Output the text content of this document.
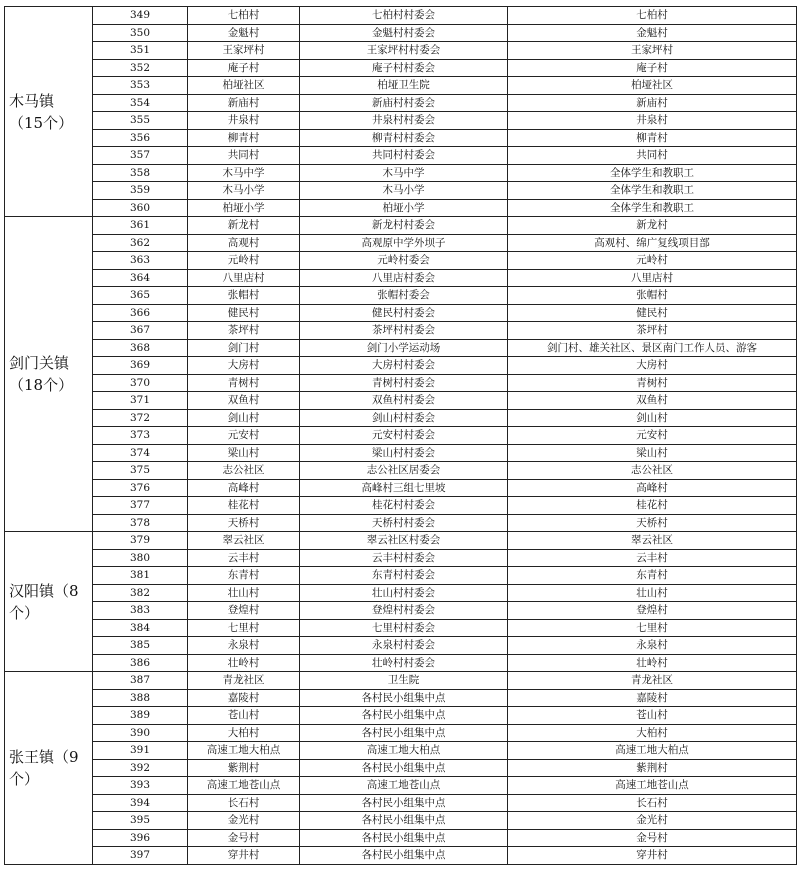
木马镇（15个）	349	七柏村	七柏村村委会	七柏村
	350	金魁村	金魁村村委会	金魁村
	351	王家坪村	王家坪村村委会	王家坪村
	352	庵子村	庵子村村委会	庵子村
	353	柏垭社区	柏垭卫生院	柏垭社区
	354	新庙村	新庙村村委会	新庙村
	355	井泉村	井泉村村委会	井泉村
	356	柳青村	柳青村村委会	柳青村
	357	共同村	共同村村委会	共同村
	358	木马中学	木马中学	全体学生和教职工
	359	木马小学	木马小学	全体学生和教职工
	360	柏垭小学	柏垭小学	全体学生和教职工
剑门关镇（18个）	361	新龙村	新龙村村委会	新龙村
	362	高观村	高观原中学外坝子	高观村、绵广复线项目部
	363	元岭村	元岭村委会	元岭村
	364	八里店村	八里店村委会	八里店村
	365	张帽村	张帽村委会	张帽村
	366	健民村	健民村村委会	健民村
	367	茶坪村	茶坪村村委会	茶坪村
	368	剑门村	剑门小学运动场	剑门村、雄关社区、景区南门工作人员、游客
	369	大房村	大房村村委会	大房村
	370	青树村	青树村村委会	青树村
	371	双鱼村	双鱼村村委会	双鱼村
	372	剑山村	剑山村村委会	剑山村
	373	元安村	元安村村委会	元安村
	374	梁山村	梁山村村委会	梁山村
	375	志公社区	志公社区居委会	志公社区
	376	高峰村	高峰村三组七里坡	高峰村
	377	桂花村	桂花村村委会	桂花村
	378	天桥村	天桥村村委会	天桥村
汉阳镇（8个）	379	翠云社区	翠云社区村委会	翠云社区
	380	云丰村	云丰村村委会	云丰村
	381	东青村	东青村村委会	东青村
	382	壮山村	壮山村村委会	壮山村
	383	登煌村	登煌村村委会	登煌村
	384	七里村	七里村村委会	七里村
	385	永泉村	永泉村村委会	永泉村
	386	壮岭村	壮岭村村委会	壮岭村
张王镇（9个）	387	青龙社区	卫生院	青龙社区
	388	嘉陵村	各村民小组集中点	嘉陵村
	389	苍山村	各村民小组集中点	苍山村
	390	大柏村	各村民小组集中点	大柏村
	391	高速工地大柏点	高速工地大柏点	高速工地大柏点
	392	紫荆村	各村民小组集中点	紫荆村
	393	高速工地苍山点	高速工地苍山点	高速工地苍山点
	394	长石村	各村民小组集中点	长石村
	395	金光村	各村民小组集中点	金光村
	396	金号村	各村民小组集中点	金号村
	397	穿井村	各村民小组集中点	穿井村
